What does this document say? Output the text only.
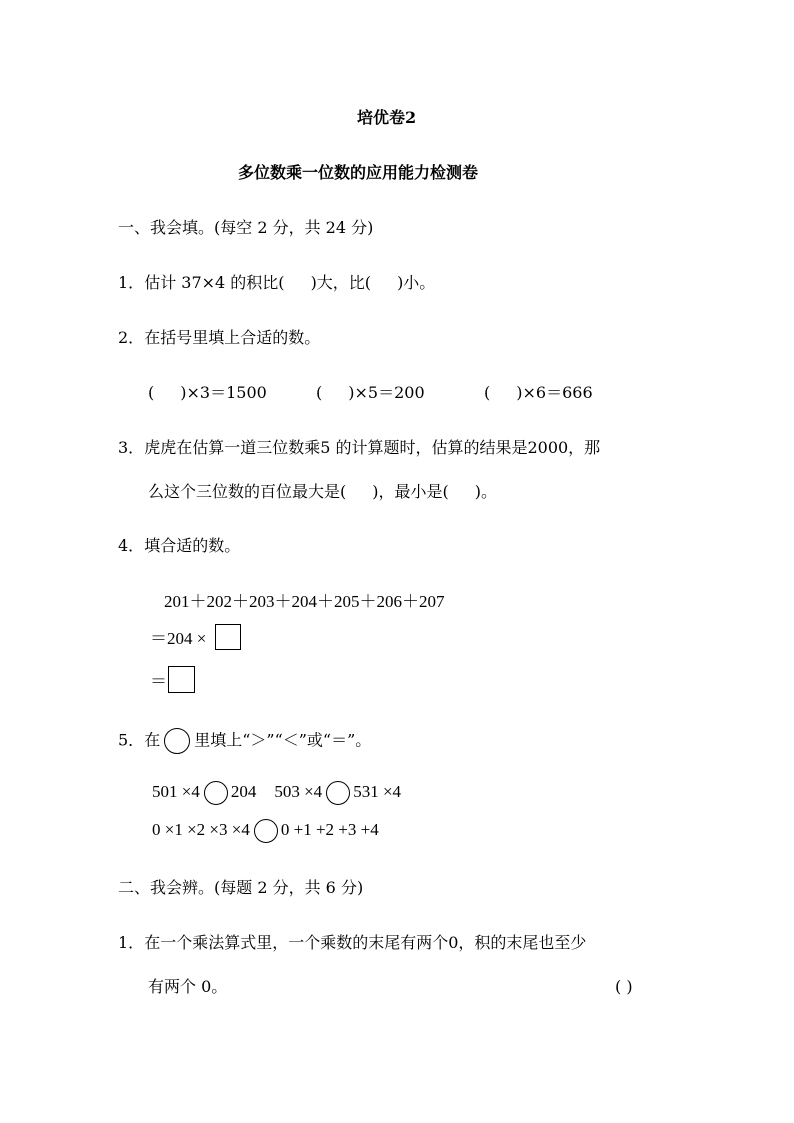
培优卷2
多位数乘一位数的应用能力检测卷
一、我会填。(每空 2 分，共 24 分)
1．估计 37×4 的积比( )大，比( )小。
2．在括号里填上合适的数。
( )×3＝1500	( )×5＝200	( )×6＝666
3．虎虎在估算一道三位数乘5 的计算题时，估算的结果是2000，那
么这个三位数的百位最大是( )，最小是( )。
4．填合适的数。
201＋202＋203＋204＋205＋206＋207
＝204 ×
＝
5．在 里填上“＞”“＜”或“＝”。
501 ×4 204 503 ×4 531 ×4
0 ×1 ×2 ×3 ×4 0 +1 +2 +3 +4
二、我会辨。(每题 2 分，共 6 分)
1．在一个乘法算式里，一个乘数的末尾有两个0，积的末尾也至少
有两个 0。	( )
